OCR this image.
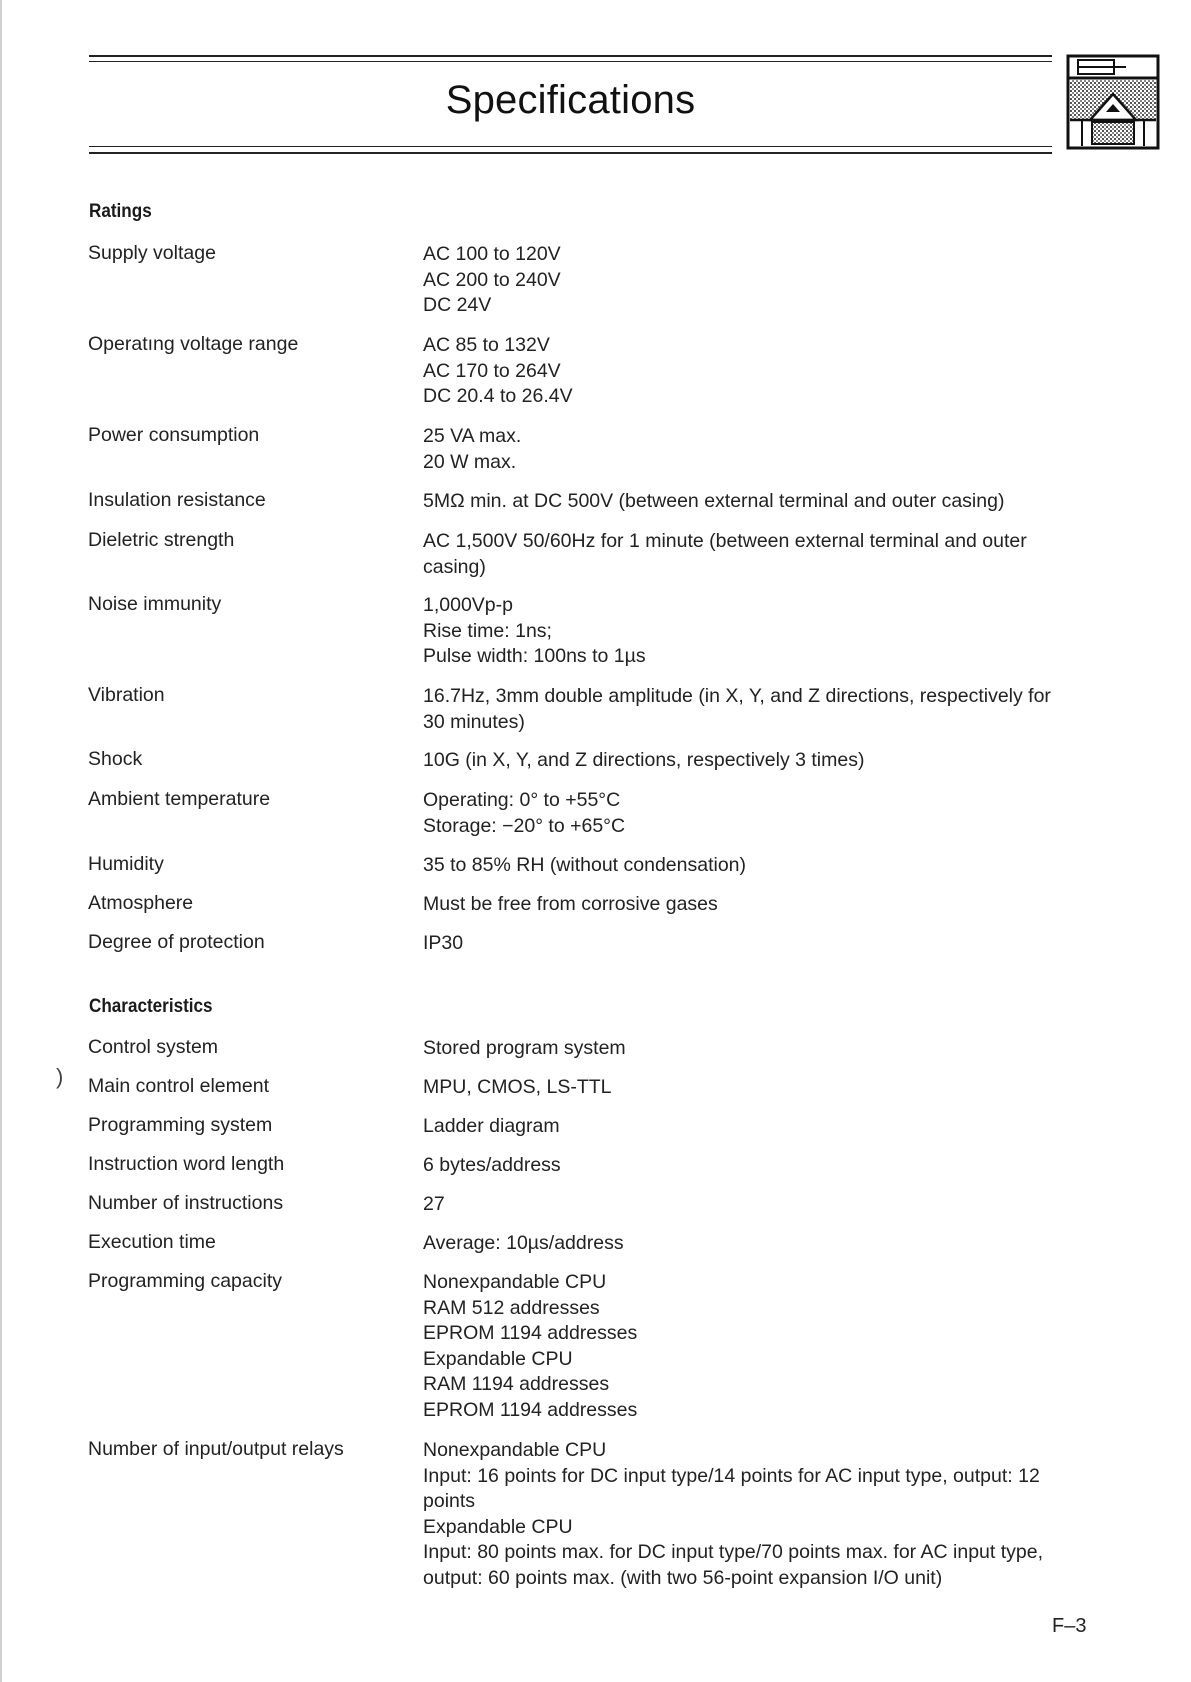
Specifications
Ratings
Supply voltage	AC 100 to 120V
AC 200 to 240V
DC 24V
Operatıng voltage range	AC 85 to 132V
AC 170 to 264V
DC 20.4 to 26.4V
Power consumption	25 VA max.
20 W max.
Insulation resistance	5MΩ min. at DC 500V (between external terminal and outer casing)
Dieletric strength	AC 1,500V 50/60Hz for 1 minute (between external terminal and outer casing)
Noise immunity	1,000Vp-p
Rise time: 1ns;
Pulse width: 100ns to 1µs
Vibration	16.7Hz, 3mm double amplitude (in X, Y, and Z directions, respectively for 30 minutes)
Shock	10G (in X, Y, and Z directions, respectively 3 times)
Ambient temperature	Operating: 0° to +55°C
Storage: −20° to +65°C
Humidity	35 to 85% RH (without condensation)
Atmosphere	Must be free from corrosive gases
Degree of protection	IP30
Characteristics
Control system	Stored program system
Main control element	MPU, CMOS, LS-TTL
Programming system	Ladder diagram
Instruction word length	6 bytes/address
Number of instructions	27
Execution time	Average: 10µs/address
Programming capacity	Nonexpandable CPU
RAM 512 addresses
EPROM 1194 addresses
Expandable CPU
RAM 1194 addresses
EPROM 1194 addresses
Number of input/output relays	Nonexpandable CPU
Input: 16 points for DC input type/14 points for AC input type, output: 12 points
Expandable CPU
Input: 80 points max. for DC input type/70 points max. for AC input type, output: 60 points max. (with two 56-point expansion I/O unit)
)
F–3
